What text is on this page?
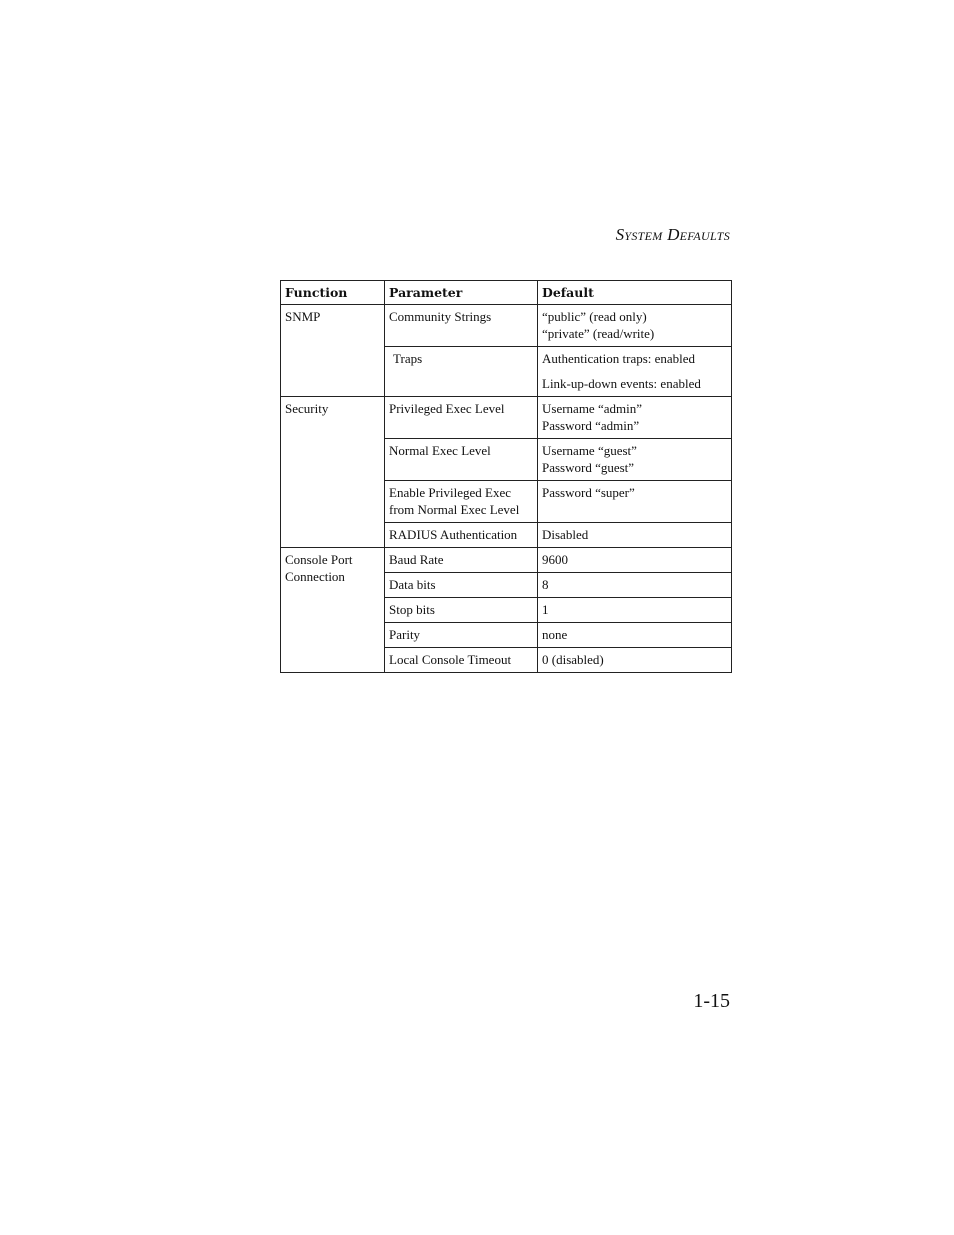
System Defaults
Function	Parameter	Default

SNMP	Community Strings	“public” (read only)
“private” (read/write)

	Traps	Authentication traps: enabled
Link-up-down events: enabled

Security	Privileged Exec Level	Username “admin”
Password “admin”

	Normal Exec Level	Username “guest”
Password “guest”

	Enable Privileged Exec
from Normal Exec Level	Password “super”

	RADIUS Authentication	Disabled

Console Port
Connection	Baud Rate	9600

	Data bits	8

	Stop bits	1

	Parity	none

	Local Console Timeout	0 (disabled)
1-15
